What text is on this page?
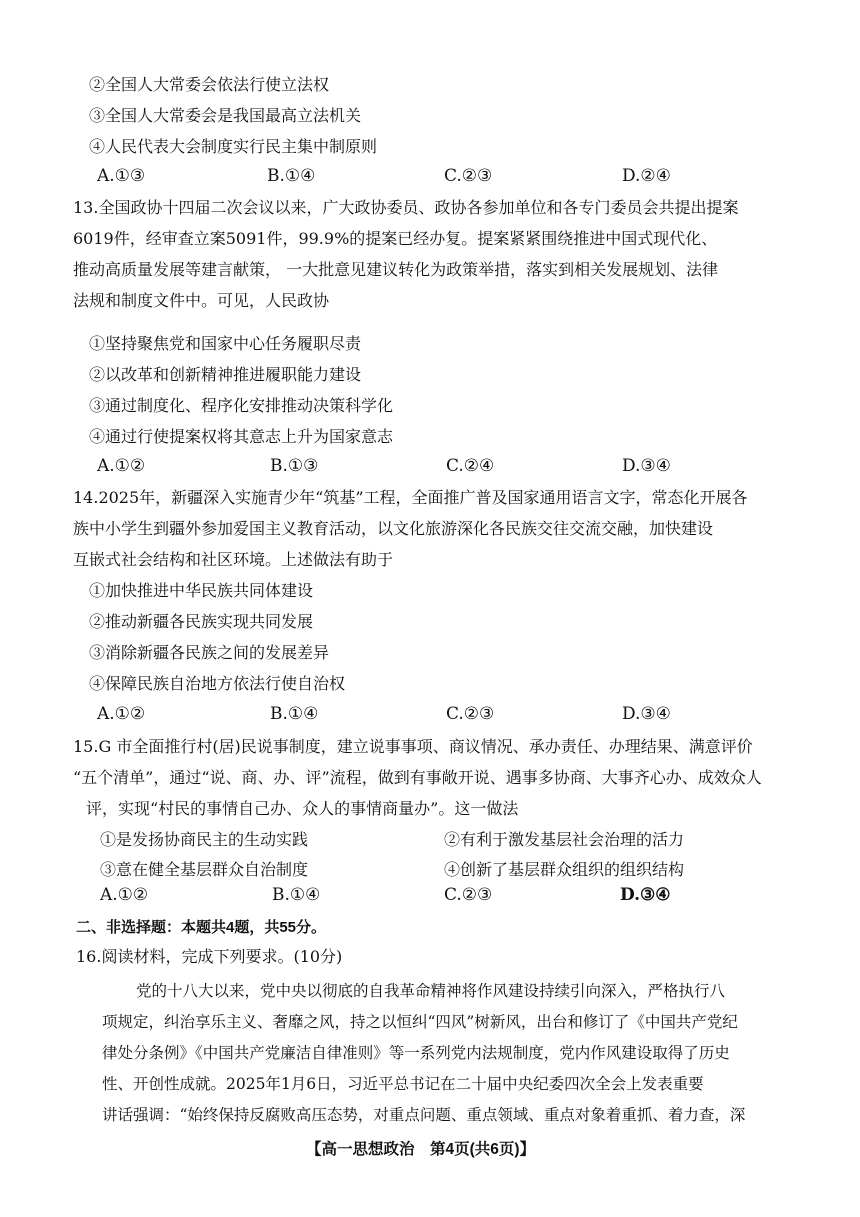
②全国人大常委会依法行使立法权
③全国人大常委会是我国最高立法机关
④人民代表大会制度实行民主集中制原则
A.①③	B.①④	C.②③	D.②④
13.全国政协十四届二次会议以来，广大政协委员、政协各参加单位和各专门委员会共提出提案
6019件，经审查立案5091件，99.9%的提案已经办复。提案紧紧围绕推进中国式现代化、
推动高质量发展等建言献策， 一大批意见建议转化为政策举措，落实到相关发展规划、法律
法规和制度文件中。可见，人民政协
①坚持聚焦党和国家中心任务履职尽责
②以改革和创新精神推进履职能力建设
③通过制度化、程序化安排推动决策科学化
④通过行使提案权将其意志上升为国家意志
A.①②	B.①③	C.②④	D.③④
14.2025年，新疆深入实施青少年“筑基”工程，全面推广普及国家通用语言文字，常态化开展各
族中小学生到疆外参加爱国主义教育活动，以文化旅游深化各民族交往交流交融，加快建设
互嵌式社会结构和社区环境。上述做法有助于
①加快推进中华民族共同体建设
②推动新疆各民族实现共同发展
③消除新疆各民族之间的发展差异
④保障民族自治地方依法行使自治权
A.①②	B.①④	C.②③	D.③④
15.G 市全面推行村(居)民说事制度，建立说事事项、商议情况、承办责任、办理结果、满意评价
“五个清单”，通过“说、商、办、评”流程，做到有事敞开说、遇事多协商、大事齐心办、成效众人
评，实现“村民的事情自己办、众人的事情商量办”。这一做法
①是发扬协商民主的生动实践	②有利于激发基层社会治理的活力
③意在健全基层群众自治制度	④创新了基层群众组织的组织结构
A.①②	B.①④	C.②③	D.③④
二、非选择题：本题共4题，共55分。
16.阅读材料，完成下列要求。(10分)
党的十八大以来，党中央以彻底的自我革命精神将作风建设持续引向深入，严格执行八
项规定，纠治享乐主义、奢靡之风，持之以恒纠“四风”树新风，出台和修订了《中国共产党纪
律处分条例》《中国共产党廉洁自律准则》等一系列党内法规制度，党内作风建设取得了历史
性、开创性成就。2025年1月6日，习近平总书记在二十届中央纪委四次全会上发表重要
讲话强调：“始终保持反腐败高压态势，对重点问题、重点领域、重点对象着重抓、着力查，深
【高一思想政治　第4页(共6页)】
